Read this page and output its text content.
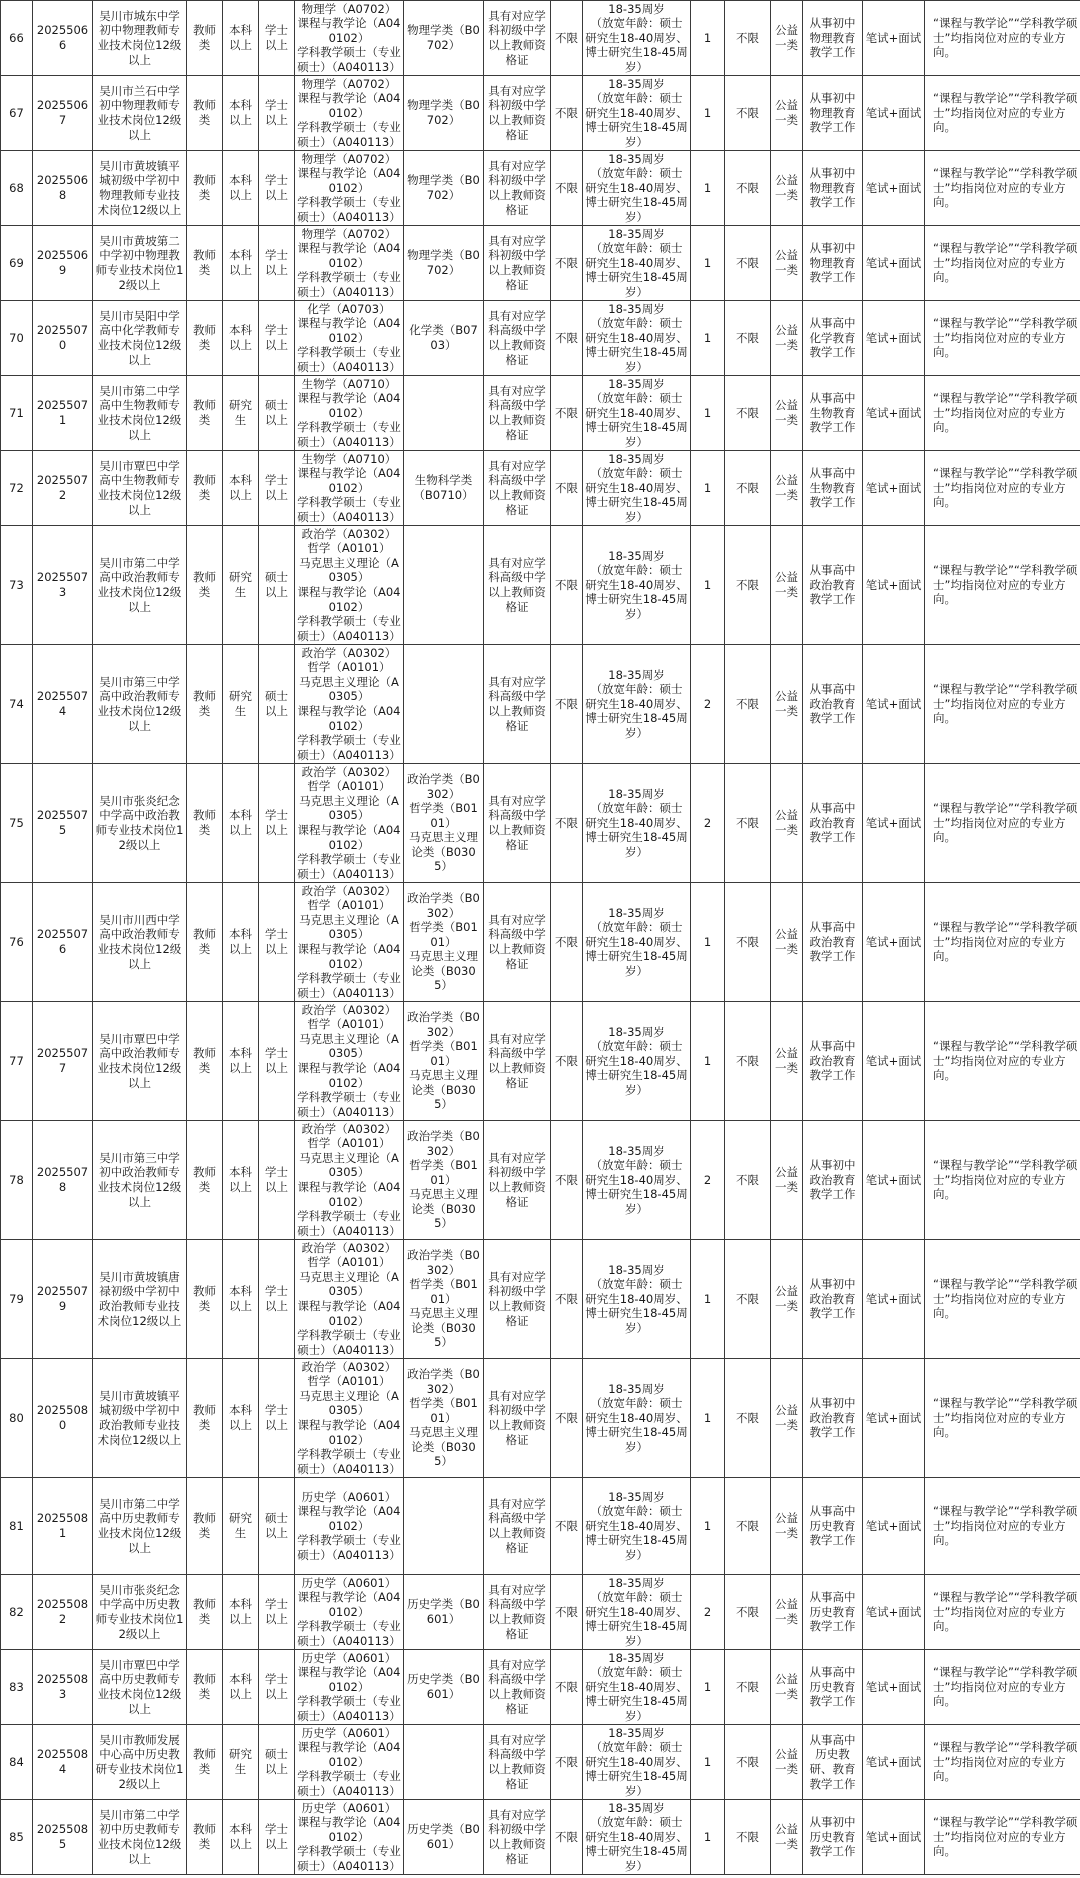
66	20255066	吴川市城东中学初中物理教师专业技术岗位12级以上	教师类	本科以上	学士以上	物理学（A0702）
课程与教学论（A040102）
学科教学硕士（专业硕士）（A040113）	物理学类（B0702）	具有对应学科初级中学以上教师资格证	不限	18-35周岁
（放宽年龄：硕士研究生18-40周岁、博士研究生18-45周岁）	1	不限	公益一类	从事初中物理教育教学工作	笔试+面试	“课程与教学论”“学科教学硕士”均指岗位对应的专业方向。
67	20255067	吴川市兰石中学初中物理教师专业技术岗位12级以上	教师类	本科以上	学士以上	物理学（A0702）
课程与教学论（A040102）
学科教学硕士（专业硕士）（A040113）	物理学类（B0702）	具有对应学科初级中学以上教师资格证	不限	18-35周岁
（放宽年龄：硕士研究生18-40周岁、博士研究生18-45周岁）	1	不限	公益一类	从事初中物理教育教学工作	笔试+面试	“课程与教学论”“学科教学硕士”均指岗位对应的专业方向。
68	20255068	吴川市黄坡镇平城初级中学初中物理教师专业技术岗位12级以上	教师类	本科以上	学士以上	物理学（A0702）
课程与教学论（A040102）
学科教学硕士（专业硕士）（A040113）	物理学类（B0702）	具有对应学科初级中学以上教师资格证	不限	18-35周岁
（放宽年龄：硕士研究生18-40周岁、博士研究生18-45周岁）	1	不限	公益一类	从事初中物理教育教学工作	笔试+面试	“课程与教学论”“学科教学硕士”均指岗位对应的专业方向。
69	20255069	吴川市黄坡第二中学初中物理教师专业技术岗位12级以上	教师类	本科以上	学士以上	物理学（A0702）
课程与教学论（A040102）
学科教学硕士（专业硕士）（A040113）	物理学类（B0702）	具有对应学科初级中学以上教师资格证	不限	18-35周岁
（放宽年龄：硕士研究生18-40周岁、博士研究生18-45周岁）	1	不限	公益一类	从事初中物理教育教学工作	笔试+面试	“课程与教学论”“学科教学硕士”均指岗位对应的专业方向。
70	20255070	吴川市吴阳中学高中化学教师专业技术岗位12级以上	教师类	本科以上	学士以上	化学（A0703）
课程与教学论（A040102）
学科教学硕士（专业硕士）（A040113）	化学类（B0703）	具有对应学科高级中学以上教师资格证	不限	18-35周岁
（放宽年龄：硕士研究生18-40周岁、博士研究生18-45周岁）	1	不限	公益一类	从事高中化学教育教学工作	笔试+面试	“课程与教学论”“学科教学硕士”均指岗位对应的专业方向。
71	20255071	吴川市第二中学高中生物教师专业技术岗位12级以上	教师类	研究生	硕士以上	生物学（A0710）
课程与教学论（A040102）
学科教学硕士（专业硕士）（A040113）		具有对应学科高级中学以上教师资格证	不限	18-35周岁
（放宽年龄：硕士研究生18-40周岁、博士研究生18-45周岁）	1	不限	公益一类	从事高中生物教育教学工作	笔试+面试	“课程与教学论”“学科教学硕士”均指岗位对应的专业方向。
72	20255072	吴川市覃巴中学高中生物教师专业技术岗位12级以上	教师类	本科以上	学士以上	生物学（A0710）
课程与教学论（A040102）
学科教学硕士（专业硕士）（A040113）	生物科学类（B0710）	具有对应学科高级中学以上教师资格证	不限	18-35周岁
（放宽年龄：硕士研究生18-40周岁、博士研究生18-45周岁）	1	不限	公益一类	从事高中生物教育教学工作	笔试+面试	“课程与教学论”“学科教学硕士”均指岗位对应的专业方向。
73	20255073	吴川市第二中学高中政治教师专业技术岗位12级以上	教师类	研究生	硕士以上	政治学（A0302）
哲学（A0101）
马克思主义理论（A0305）
课程与教学论（A040102）
学科教学硕士（专业硕士）（A040113）		具有对应学科高级中学以上教师资格证	不限	18-35周岁
（放宽年龄：硕士研究生18-40周岁、博士研究生18-45周岁）	1	不限	公益一类	从事高中政治教育教学工作	笔试+面试	“课程与教学论”“学科教学硕士”均指岗位对应的专业方向。
74	20255074	吴川市第三中学高中政治教师专业技术岗位12级以上	教师类	研究生	硕士以上	政治学（A0302）
哲学（A0101）
马克思主义理论（A0305）
课程与教学论（A040102）
学科教学硕士（专业硕士）（A040113）		具有对应学科高级中学以上教师资格证	不限	18-35周岁
（放宽年龄：硕士研究生18-40周岁、博士研究生18-45周岁）	2	不限	公益一类	从事高中政治教育教学工作	笔试+面试	“课程与教学论”“学科教学硕士”均指岗位对应的专业方向。
75	20255075	吴川市张炎纪念中学高中政治教师专业技术岗位12级以上	教师类	本科以上	学士以上	政治学（A0302）
哲学（A0101）
马克思主义理论（A0305）
课程与教学论（A040102）
学科教学硕士（专业硕士）（A040113）	政治学类（B0302）
哲学类（B0101）
马克思主义理论类（B0305）	具有对应学科高级中学以上教师资格证	不限	18-35周岁
（放宽年龄：硕士研究生18-40周岁、博士研究生18-45周岁）	2	不限	公益一类	从事高中政治教育教学工作	笔试+面试	“课程与教学论”“学科教学硕士”均指岗位对应的专业方向。
76	20255076	吴川市川西中学高中政治教师专业技术岗位12级以上	教师类	本科以上	学士以上	政治学（A0302）
哲学（A0101）
马克思主义理论（A0305）
课程与教学论（A040102）
学科教学硕士（专业硕士）（A040113）	政治学类（B0302）
哲学类（B0101）
马克思主义理论类（B0305）	具有对应学科高级中学以上教师资格证	不限	18-35周岁
（放宽年龄：硕士研究生18-40周岁、博士研究生18-45周岁）	1	不限	公益一类	从事高中政治教育教学工作	笔试+面试	“课程与教学论”“学科教学硕士”均指岗位对应的专业方向。
77	20255077	吴川市覃巴中学高中政治教师专业技术岗位12级以上	教师类	本科以上	学士以上	政治学（A0302）
哲学（A0101）
马克思主义理论（A0305）
课程与教学论（A040102）
学科教学硕士（专业硕士）（A040113）	政治学类（B0302）
哲学类（B0101）
马克思主义理论类（B0305）	具有对应学科高级中学以上教师资格证	不限	18-35周岁
（放宽年龄：硕士研究生18-40周岁、博士研究生18-45周岁）	1	不限	公益一类	从事高中政治教育教学工作	笔试+面试	“课程与教学论”“学科教学硕士”均指岗位对应的专业方向。
78	20255078	吴川市第三中学初中政治教师专业技术岗位12级以上	教师类	本科以上	学士以上	政治学（A0302）
哲学（A0101）
马克思主义理论（A0305）
课程与教学论（A040102）
学科教学硕士（专业硕士）（A040113）	政治学类（B0302）
哲学类（B0101）
马克思主义理论类（B0305）	具有对应学科初级中学以上教师资格证	不限	18-35周岁
（放宽年龄：硕士研究生18-40周岁、博士研究生18-45周岁）	2	不限	公益一类	从事初中政治教育教学工作	笔试+面试	“课程与教学论”“学科教学硕士”均指岗位对应的专业方向。
79	20255079	吴川市黄坡镇唐禄初级中学初中政治教师专业技术岗位12级以上	教师类	本科以上	学士以上	政治学（A0302）
哲学（A0101）
马克思主义理论（A0305）
课程与教学论（A040102）
学科教学硕士（专业硕士）（A040113）	政治学类（B0302）
哲学类（B0101）
马克思主义理论类（B0305）	具有对应学科初级中学以上教师资格证	不限	18-35周岁
（放宽年龄：硕士研究生18-40周岁、博士研究生18-45周岁）	1	不限	公益一类	从事初中政治教育教学工作	笔试+面试	“课程与教学论”“学科教学硕士”均指岗位对应的专业方向。
80	20255080	吴川市黄坡镇平城初级中学初中政治教师专业技术岗位12级以上	教师类	本科以上	学士以上	政治学（A0302）
哲学（A0101）
马克思主义理论（A0305）
课程与教学论（A040102）
学科教学硕士（专业硕士）（A040113）	政治学类（B0302）
哲学类（B0101）
马克思主义理论类（B0305）	具有对应学科初级中学以上教师资格证	不限	18-35周岁
（放宽年龄：硕士研究生18-40周岁、博士研究生18-45周岁）	1	不限	公益一类	从事初中政治教育教学工作	笔试+面试	“课程与教学论”“学科教学硕士”均指岗位对应的专业方向。
81	20255081	吴川市第二中学高中历史教师专业技术岗位12级以上	教师类	研究生	硕士以上	历史学（A0601）
课程与教学论（A040102）
学科教学硕士（专业硕士）（A040113）		具有对应学科高级中学以上教师资格证	不限	18-35周岁
（放宽年龄：硕士研究生18-40周岁、博士研究生18-45周岁）	1	不限	公益一类	从事高中历史教育教学工作	笔试+面试	“课程与教学论”“学科教学硕士”均指岗位对应的专业方向。
82	20255082	吴川市张炎纪念中学高中历史教师专业技术岗位12级以上	教师类	本科以上	学士以上	历史学（A0601）
课程与教学论（A040102）
学科教学硕士（专业硕士）（A040113）	历史学类（B0601）	具有对应学科高级中学以上教师资格证	不限	18-35周岁
（放宽年龄：硕士研究生18-40周岁、博士研究生18-45周岁）	2	不限	公益一类	从事高中历史教育教学工作	笔试+面试	“课程与教学论”“学科教学硕士”均指岗位对应的专业方向。
83	20255083	吴川市覃巴中学高中历史教师专业技术岗位12级以上	教师类	本科以上	学士以上	历史学（A0601）
课程与教学论（A040102）
学科教学硕士（专业硕士）（A040113）	历史学类（B0601）	具有对应学科高级中学以上教师资格证	不限	18-35周岁
（放宽年龄：硕士研究生18-40周岁、博士研究生18-45周岁）	1	不限	公益一类	从事高中历史教育教学工作	笔试+面试	“课程与教学论”“学科教学硕士”均指岗位对应的专业方向。
84	20255084	吴川市教师发展中心高中历史教研专业技术岗位12级以上	教师类	研究生	硕士以上	历史学（A0601）
课程与教学论（A040102）
学科教学硕士（专业硕士）（A040113）		具有对应学科高级中学以上教师资格证	不限	18-35周岁
（放宽年龄：硕士研究生18-40周岁、博士研究生18-45周岁）	1	不限	公益一类	从事高中历史教研、教育教学工作	笔试+面试	“课程与教学论”“学科教学硕士”均指岗位对应的专业方向。
85	20255085	吴川市第二中学初中历史教师专业技术岗位12级以上	教师类	本科以上	学士以上	历史学（A0601）
课程与教学论（A040102）
学科教学硕士（专业硕士）（A040113）	历史学类（B0601）	具有对应学科初级中学以上教师资格证	不限	18-35周岁
（放宽年龄：硕士研究生18-40周岁、博士研究生18-45周岁）	1	不限	公益一类	从事初中历史教育教学工作	笔试+面试	“课程与教学论”“学科教学硕士”均指岗位对应的专业方向。
